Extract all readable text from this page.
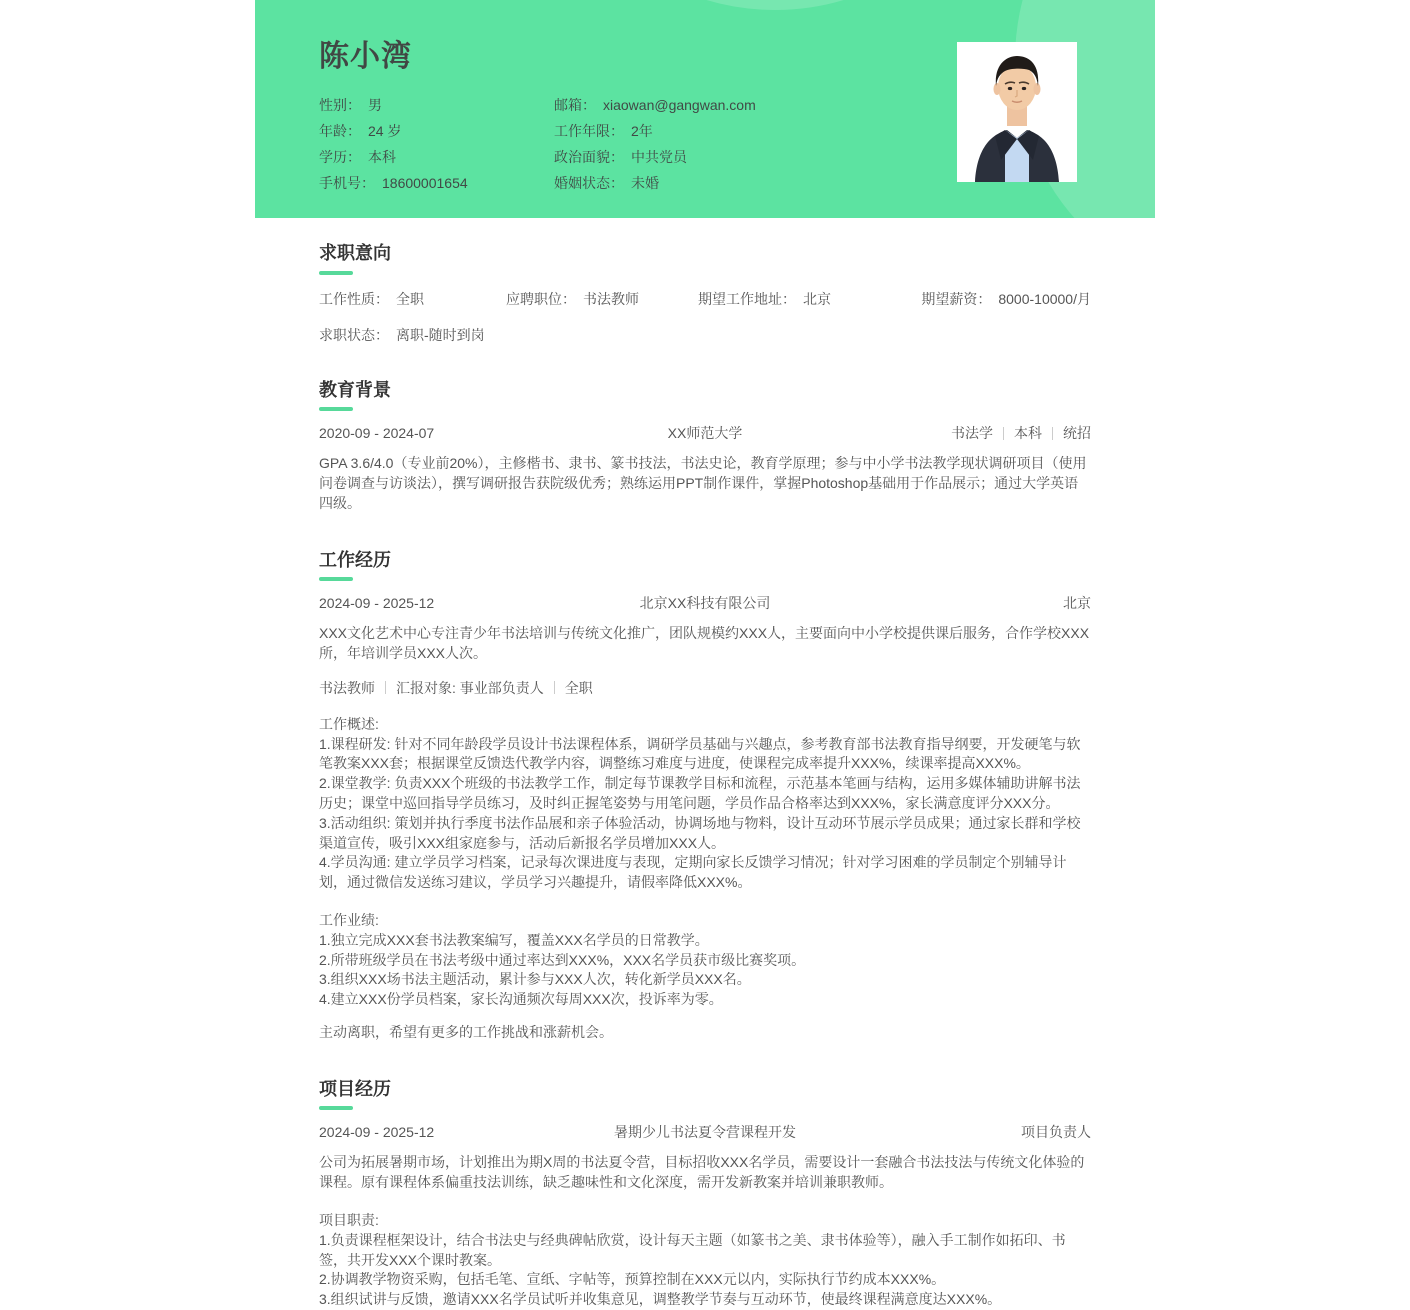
陈小湾
性别： 男	邮箱： xiaowan@gangwan.com
年龄： 24 岁	工作年限： 2年
学历： 本科	政治面貌： 中共党员
手机号： 18600001654	婚姻状态： 未婚
求职意向
工作性质： 全职	应聘职位： 书法教师	期望工作地址： 北京	期望薪资： 8000-10000/月
求职状态： 离职-随时到岗
教育背景
2020-09 - 2024-07	XX师范大学	书法学 本科 统招
GPA 3.6/4.0（专业前20%），主修楷书、隶书、篆书技法，书法史论，教育学原理；参与中小学书法教学现状调研项目（使用问卷调查与访谈法），撰写调研报告获院级优秀；熟练运用PPT制作课件，掌握Photoshop基础用于作品展示；通过大学英语四级。
工作经历
2024-09 - 2025-12	北京XX科技有限公司	北京
XXX文化艺术中心专注青少年书法培训与传统文化推广，团队规模约XXX人，主要面向中小学校提供课后服务，合作学校XXX所，年培训学员XXX人次。
书法教师 汇报对象: 事业部负责人 全职

工作概述:

1.课程研发: 针对不同年龄段学员设计书法课程体系，调研学员基础与兴趣点，参考教育部书法教育指导纲要，开发硬笔与软笔教案XXX套；根据课堂反馈迭代教学内容，调整练习难度与进度，使课程完成率提升XXX%，续课率提高XXX%。

2.课堂教学: 负责XXX个班级的书法教学工作，制定每节课教学目标和流程，示范基本笔画与结构，运用多媒体辅助讲解书法历史；课堂中巡回指导学员练习，及时纠正握笔姿势与用笔问题，学员作品合格率达到XXX%，家长满意度评分XXX分。

3.活动组织: 策划并执行季度书法作品展和亲子体验活动，协调场地与物料，设计互动环节展示学员成果；通过家长群和学校渠道宣传，吸引XXX组家庭参与，活动后新报名学员增加XXX人。

4.学员沟通: 建立学员学习档案，记录每次课进度与表现，定期向家长反馈学习情况；针对学习困难的学员制定个别辅导计划，通过微信发送练习建议，学员学习兴趣提升，请假率降低XXX%。

工作业绩:

1.独立完成XXX套书法教案编写，覆盖XXX名学员的日常教学。

2.所带班级学员在书法考级中通过率达到XXX%，XXX名学员获市级比赛奖项。

3.组织XXX场书法主题活动，累计参与XXX人次，转化新学员XXX名。

4.建立XXX份学员档案，家长沟通频次每周XXX次，投诉率为零。

主动离职，希望有更多的工作挑战和涨薪机会。
项目经历
2024-09 - 2025-12	暑期少儿书法夏令营课程开发	项目负责人
公司为拓展暑期市场，计划推出为期X周的书法夏令营，目标招收XXX名学员，需要设计一套融合书法技法与传统文化体验的课程。原有课程体系偏重技法训练，缺乏趣味性和文化深度，需开发新教案并培训兼职教师。

项目职责:

1.负责课程框架设计，结合书法史与经典碑帖欣赏，设计每天主题（如篆书之美、隶书体验等），融入手工制作如拓印、书签，共开发XXX个课时教案。

2.协调教学物资采购，包括毛笔、宣纸、字帖等，预算控制在XXX元以内，实际执行节约成本XXX%。

3.组织试讲与反馈，邀请XXX名学员试听并收集意见，调整教学节奏与互动环节，使最终课程满意度达XXX%。
